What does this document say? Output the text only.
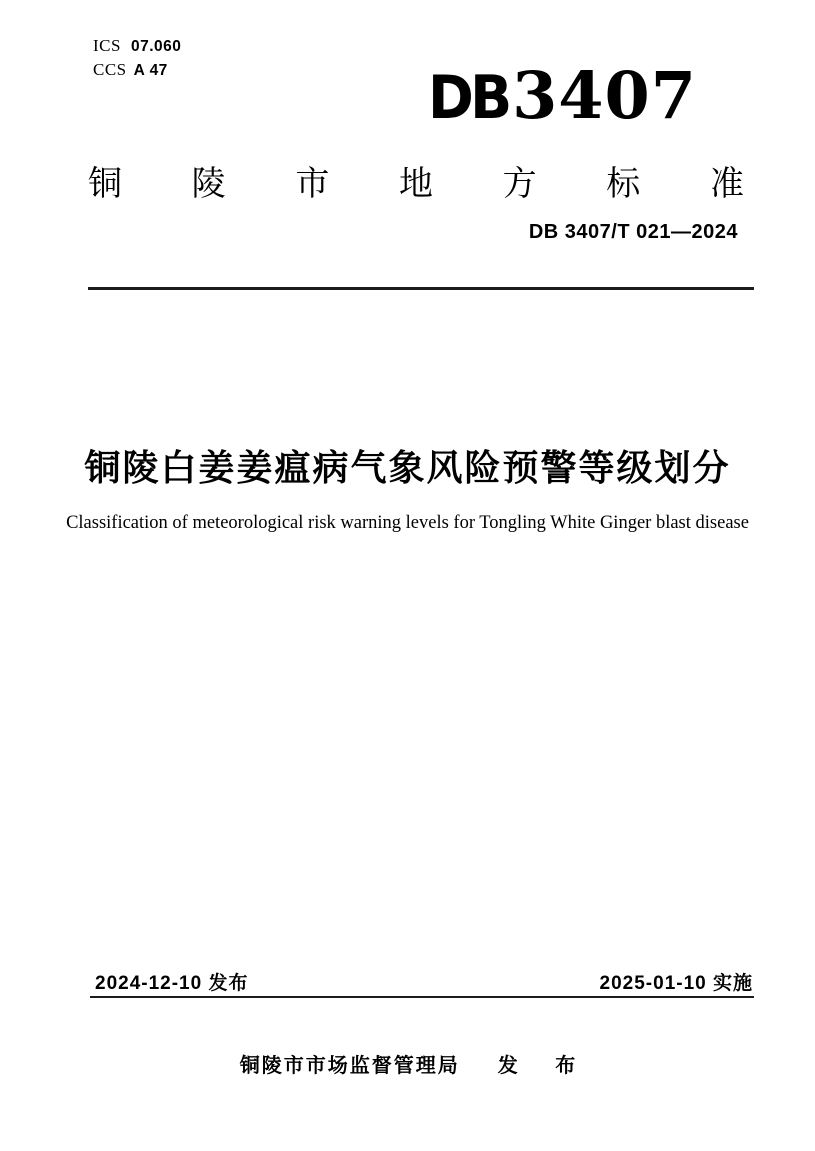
ICS 07.060
CCS A 47	DB 3407
铜 陵 市 地 方 标 准
DB 3407/T 021—2024
铜陵白姜姜瘟病气象风险预警等级划分
Classification of meteorological risk warning levels for Tongling White Ginger blast disease
2024-12-10 发布	2025-01-10 实施
铜陵市市场监督管理局 发 布
